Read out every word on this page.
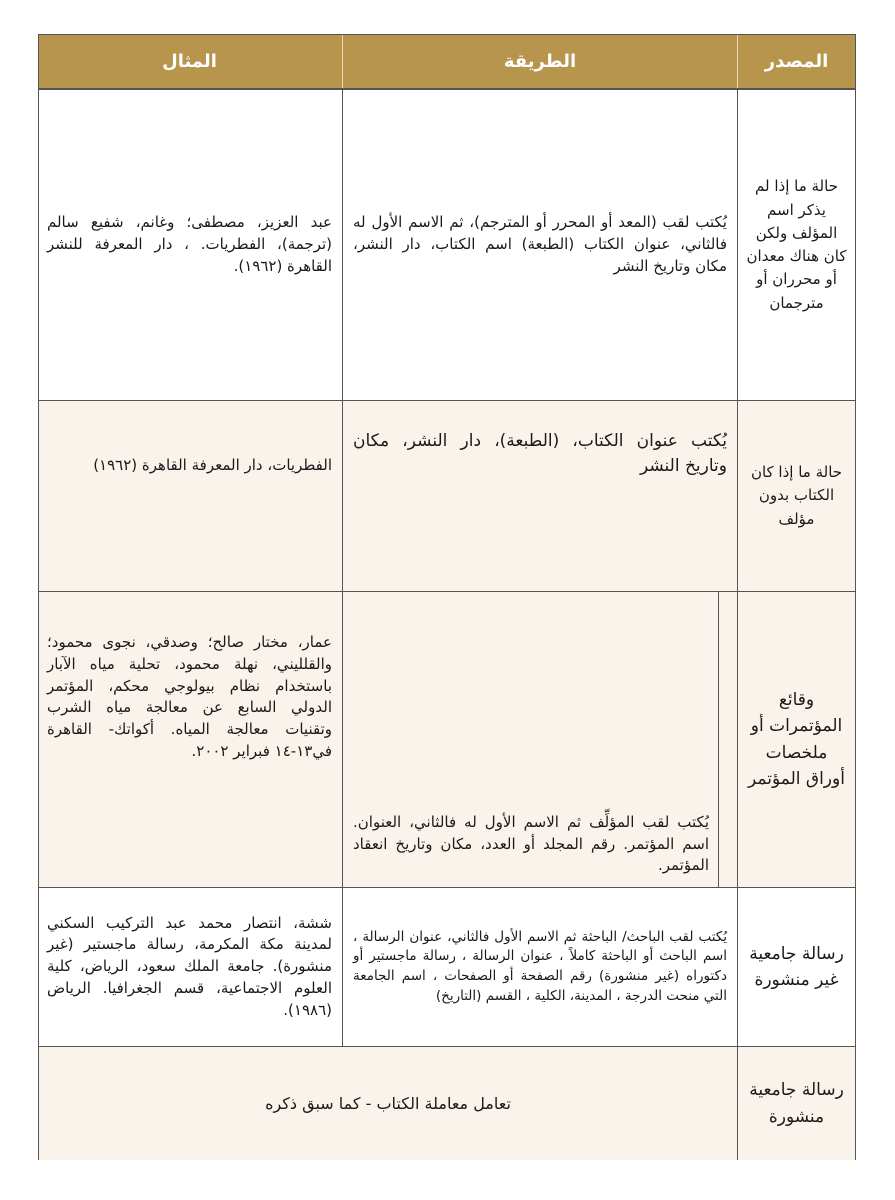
المصدر
الطريقة
المثال
حالة ما إذا لم يذكر اسم المؤلف ولكن كان هناك معدان أو محرران أو مترجمان
يُكتب لقب (المعد أو المحرر أو المترجم)، ثم الاسم الأول له فالثاني، عنوان الكتاب (الطبعة) اسم الكتاب، دار النشر، مكان وتاريخ النشر
عبد العزيز، مصطفى؛ وغانم، شفيع سالم (ترجمة)، الفطريات. ، دار المعرفة للنشر القاهرة (١٩٦٢).
حالة ما إذا كان الكتاب بدون مؤلف
يُكتب عنوان الكتاب، (الطبعة)، دار النشر، مكان وتاريخ النشر
الفطريات، دار المعرفة القاهرة (١٩٦٢)
وقائع المؤتمرات أو ملخصات أوراق المؤتمر
يُكتب لقب المؤلِّف ثم الاسم الأول له فالثاني، العنوان. اسم المؤتمر. رقم المجلد أو العدد، مكان وتاريخ انعقاد المؤتمر.
عمار، مختار صالح؛ وصدقي، نجوى محمود؛ والقلليني، نهلة محمود، تحلية مياه الآبار باستخدام نظام بيولوجي محكم، المؤتمر الدولي السابع عن معالجة مياه الشرب وتقنيات معالجة المياه. أكواتك- القاهرة في١٣-١٤ فبراير ٢٠٠٢.
رسالة جامعية غير منشورة
يُكتب لقب الباحث/ الباحثة ثم الاسم الأول فالثاني، عنوان الرسالة ، اسم الباحث أو الباحثة كاملاً ، عنوان الرسالة ، رسالة ماجستير أو دكتوراه (غير منشورة) رقم الصفحة أو الصفحات ، اسم الجامعة التي منحت الدرجة ، المدينة، الكلية ، القسم (التاريخ)
ششة، انتصار محمد عبد التركيب السكني لمدينة مكة المكرمة، رسالة ماجستير (غير منشورة). جامعة الملك سعود، الرياض، كلية العلوم الاجتماعية، قسم الجغرافيا. الرياض (١٩٨٦).
رسالة جامعية منشورة
تعامل معاملة الكتاب - كما سبق ذكره
